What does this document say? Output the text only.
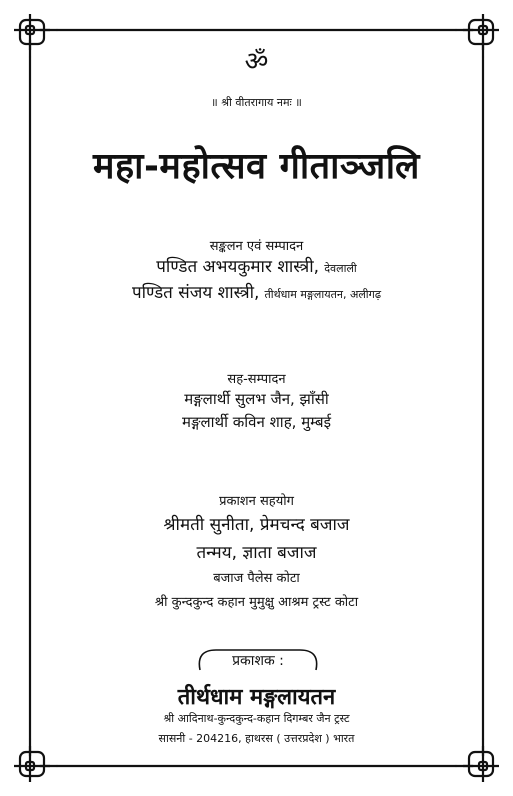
ॐ
॥ श्री वीतरागाय नमः ॥
महा-महोत्सव गीताञ्जलि
सङ्कलन एवं सम्पादन
पण्डित अभयकुमार शास्त्री, देवलाली
पण्डित संजय शास्त्री, तीर्थधाम मङ्गलायतन, अलीगढ़
सह-सम्पादन
मङ्गलार्थी सुलभ जैन, झाँसी
मङ्गलार्थी कविन शाह, मुम्बई
प्रकाशन सहयोग
श्रीमती सुनीता, प्रेमचन्द बजाज
तन्मय, ज्ञाता बजाज
बजाज पैलेस कोटा
श्री कुन्दकुन्द कहान मुमुक्षु आश्रम ट्रस्ट कोटा
प्रकाशक :
तीर्थधाम मङ्गलायतन
श्री आदिनाथ-कुन्दकुन्द-कहान दिगम्बर जैन ट्रस्ट
सासनी - 204216, हाथरस ( उत्तरप्रदेश ) भारत
